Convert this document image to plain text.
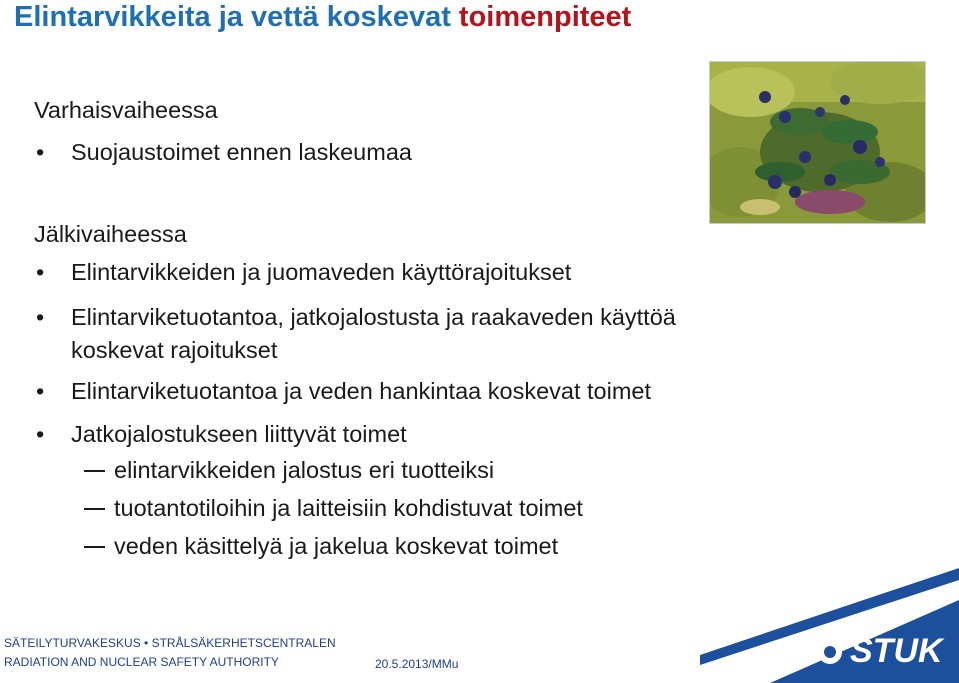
Elintarvikkeita ja vettä koskevat toimenpiteet
Varhaisvaiheessa
• Suojaustoimet ennen laskeumaa
Jälkivaiheessa
• Elintarvikkeiden ja juomaveden käyttörajoitukset
• Elintarviketuotantoa, jatkojalostusta ja raakaveden käyttöä
koskevat rajoitukset
• Elintarviketuotantoa ja veden hankintaa koskevat toimet
• Jatkojalostukseen liittyvät toimet
elintarvikkeiden jalostus eri tuotteiksi
tuotantotiloihin ja laitteisiin kohdistuvat toimet
veden käsittelyä ja jakelua koskevat toimet
STUK
SÄTEILYTURVAKESKUS • STRÅLSÄKERHETSCENTRALEN
RADIATION AND NUCLEAR SAFETY AUTHORITY	20.5.2013/MMu
